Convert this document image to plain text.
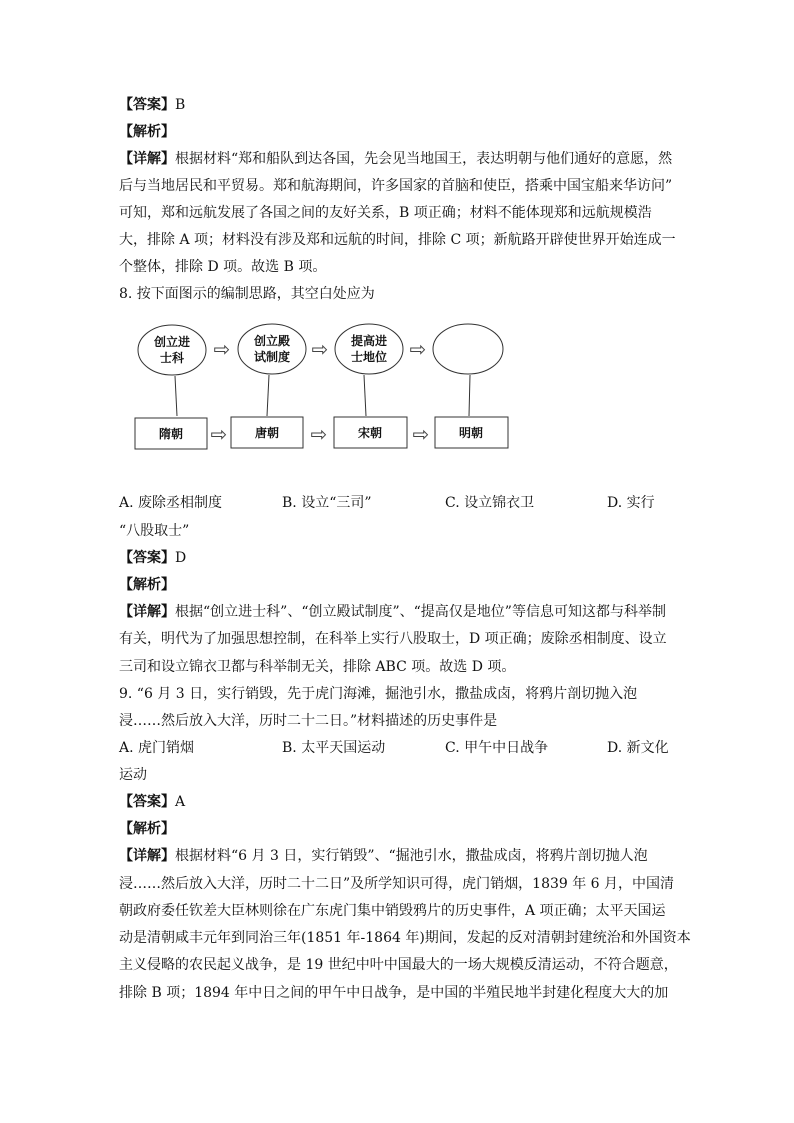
【答案】B
【解析】
【详解】根据材料“郑和船队到达各国，先会见当地国王，表达明朝与他们通好的意愿，然
后与当地居民和平贸易。郑和航海期间，许多国家的首脑和使臣，搭乘中国宝船来华访问”
可知，郑和远航发展了各国之间的友好关系，B 项正确；材料不能体现郑和远航规模浩
大，排除 A 项；材料没有涉及郑和远航的时间，排除 C 项；新航路开辟使世界开始连成一
个整体，排除 D 项。故选 B 项。
8. 按下面图示的编制思路，其空白处应为
创立进
士科
创立殿
试制度
提高进
士地位
隋朝	唐朝	宋朝	明朝
⇨	⇨	⇨
⇨	⇨	⇨
A. 废除丞相制度	B. 设立“三司”	C. 设立锦衣卫	D. 实行
“八股取士”
【答案】D
【解析】
【详解】根据“创立进士科”、“创立殿试制度”、“提高仅是地位”等信息可知这都与科举制
有关，明代为了加强思想控制，在科举上实行八股取士，D 项正确；废除丞相制度、设立
三司和设立锦衣卫都与科举制无关，排除 ABC 项。故选 D 项。
9. “6 月 3 日，实行销毁，先于虎门海滩，掘池引水，撒盐成卤，将鸦片剖切抛入泡
浸……然后放入大洋，历时二十二日。”材料描述的历史事件是
A. 虎门销烟	B. 太平天国运动	C. 甲午中日战争	D. 新文化
运动
【答案】A
【解析】
【详解】根据材料“6 月 3 日，实行销毁”、“掘池引水，撒盐成卤，将鸦片剖切抛人泡
浸……然后放入大洋，历时二十二日”及所学知识可得，虎门销烟，1839 年 6 月，中国清
朝政府委任钦差大臣林则徐在广东虎门集中销毁鸦片的历史事件，A 项正确；太平天国运
动是清朝咸丰元年到同治三年(1851 年-1864 年)期间，发起的反对清朝封建统治和外国资本
主义侵略的农民起义战争，是 19 世纪中叶中国最大的一场大规模反清运动，不符合题意，
排除 B 项；1894 年中日之间的甲午中日战争，是中国的半殖民地半封建化程度大大的加
